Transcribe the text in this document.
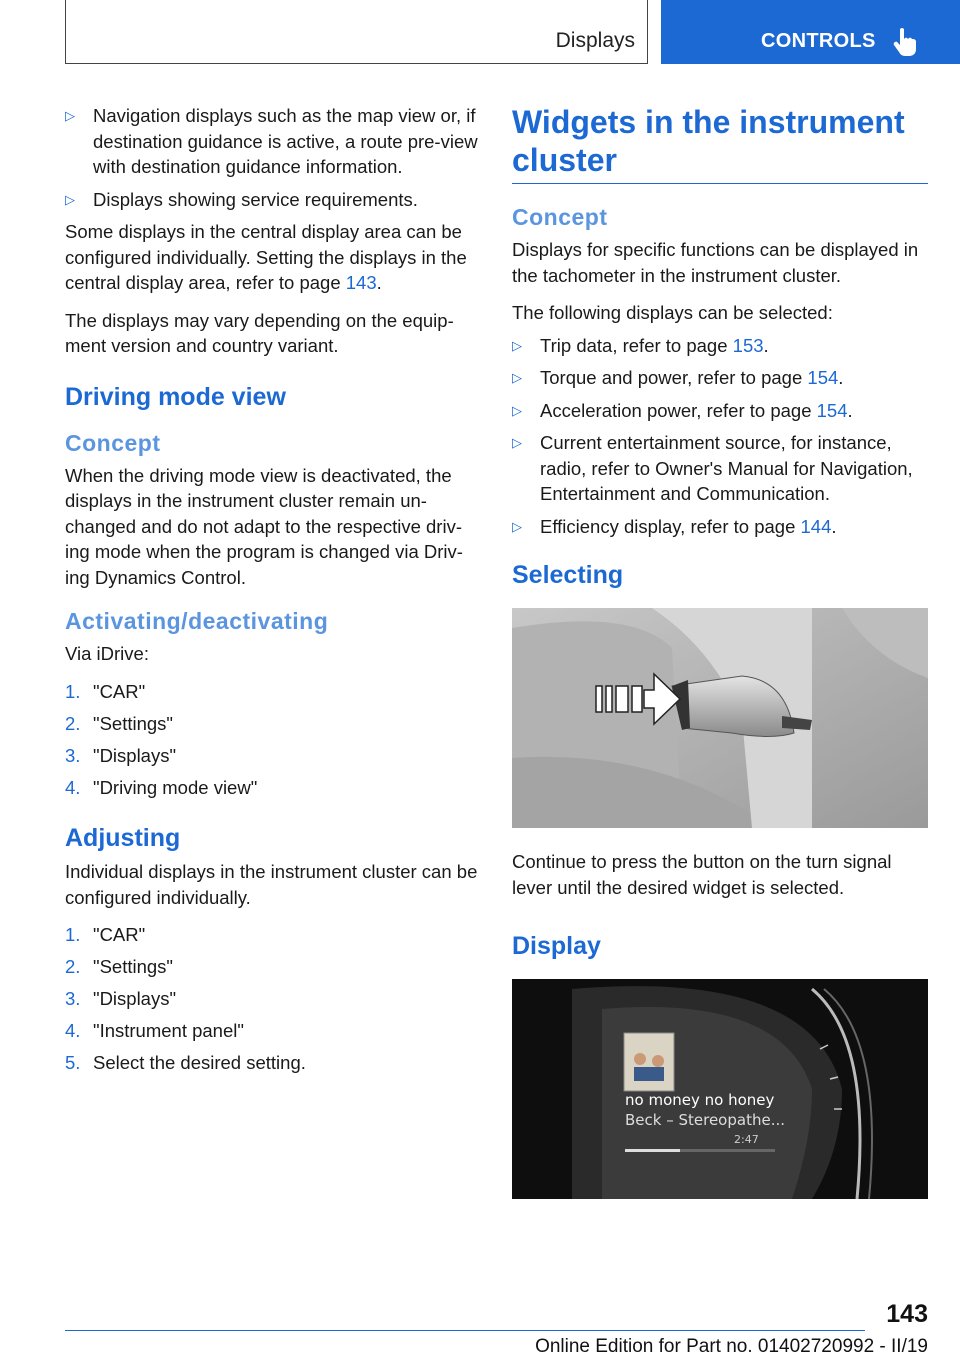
Displays	CONTROLS
▷ Navigation displays such as the map view or, if destination guidance is active, a route pre‐view with destination guidance information.
▷ Displays showing service requirements.

Some displays in the central display area can be configured individually. Setting the displays in the central display area, refer to page 143.

The displays may vary depending on the equip‐ment version and country variant.

Driving mode view
Concept

When the driving mode view is deactivated, the displays in the instrument cluster remain un‐changed and do not adapt to the respective driv‐ing mode when the program is changed via Driv‐ing Dynamics Control.

Activating/deactivating

Via iDrive:

1. "CAR"
2. "Settings"
3. "Displays"
4. "Driving mode view"
Adjusting

Individual displays in the instrument cluster can be configured individually.

1. "CAR"
2. "Settings"
3. "Displays"
4. "Instrument panel"
5. Select the desired setting.
Widgets in the instrument cluster
Concept

Displays for specific functions can be displayed in the tachometer in the instrument cluster.

The following displays can be selected:

▷ Trip data, refer to page 153.
▷ Torque and power, refer to page 154.
▷ Acceleration power, refer to page 154.
▷ Current entertainment source, for instance, radio, refer to Owner's Manual for Navigation, Entertainment and Communication.
▷ Efficiency display, refer to page 144.
Selecting

Continue to press the button on the turn signal lever until the desired widget is selected.

Display
no money no honey
Beck – Stereopathe...
2:47
143
Online Edition for Part no. 01402720992 - II/19
